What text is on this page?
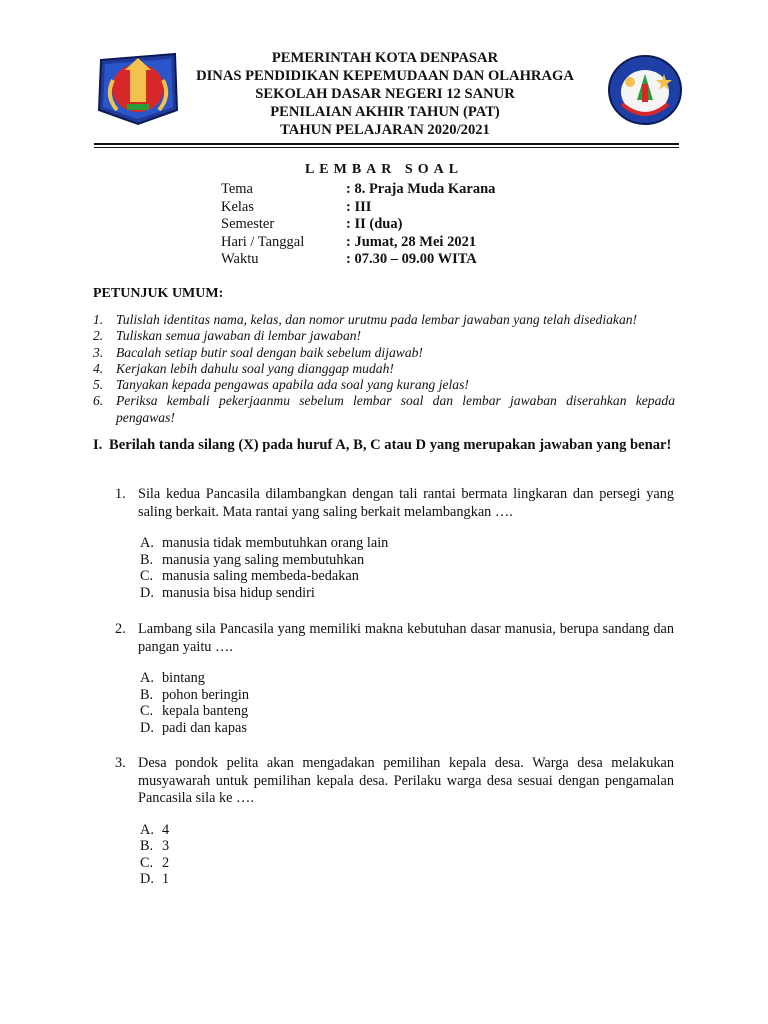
PEMERINTAH KOTA DENPASAR
DINAS PENDIDIKAN KEPEMUDAAN DAN OLAHRAGA
SEKOLAH DASAR NEGERI 12 SANUR
PENILAIAN AKHIR TAHUN (PAT)
TAHUN PELAJARAN 2020/2021
LEMBAR SOAL
Tema	: 8. Praja Muda Karana
Kelas	: III
Semester	: II (dua)
Hari / Tanggal	: Jumat, 28 Mei 2021
Waktu	: 07.30 – 09.00 WITA
PETUNJUK UMUM:
1. Tulislah identitas nama, kelas, dan nomor urutmu pada lembar jawaban yang telah disediakan!
2. Tuliskan semua jawaban di lembar jawaban!
3. Bacalah setiap butir soal dengan baik sebelum dijawab!
4. Kerjakan lebih dahulu soal yang dianggap mudah!
5. Tanyakan kepada pengawas apabila ada soal yang kurang jelas!
6. Periksa kembali pekerjaanmu sebelum lembar soal dan lembar jawaban diserahkan kepada pengawas!
I. Berilah tanda silang (X) pada huruf A, B, C atau D yang merupakan jawaban yang benar!
1. Sila kedua Pancasila dilambangkan dengan tali rantai bermata lingkaran dan persegi yang saling berkait. Mata rantai yang saling berkait melambangkan ….
A. manusia tidak membutuhkan orang lain
B. manusia yang saling membutuhkan
C. manusia saling membeda-bedakan
D. manusia bisa hidup sendiri
2. Lambang sila Pancasila yang memiliki makna kebutuhan dasar manusia, berupa sandang dan pangan yaitu ….
A. bintang
B. pohon beringin
C. kepala banteng
D. padi dan kapas
3. Desa pondok pelita akan mengadakan pemilihan kepala desa. Warga desa melakukan musyawarah untuk pemilihan kepala desa. Perilaku warga desa sesuai dengan pengamalan Pancasila sila ke ….
A. 4
B. 3
C. 2
D. 1
